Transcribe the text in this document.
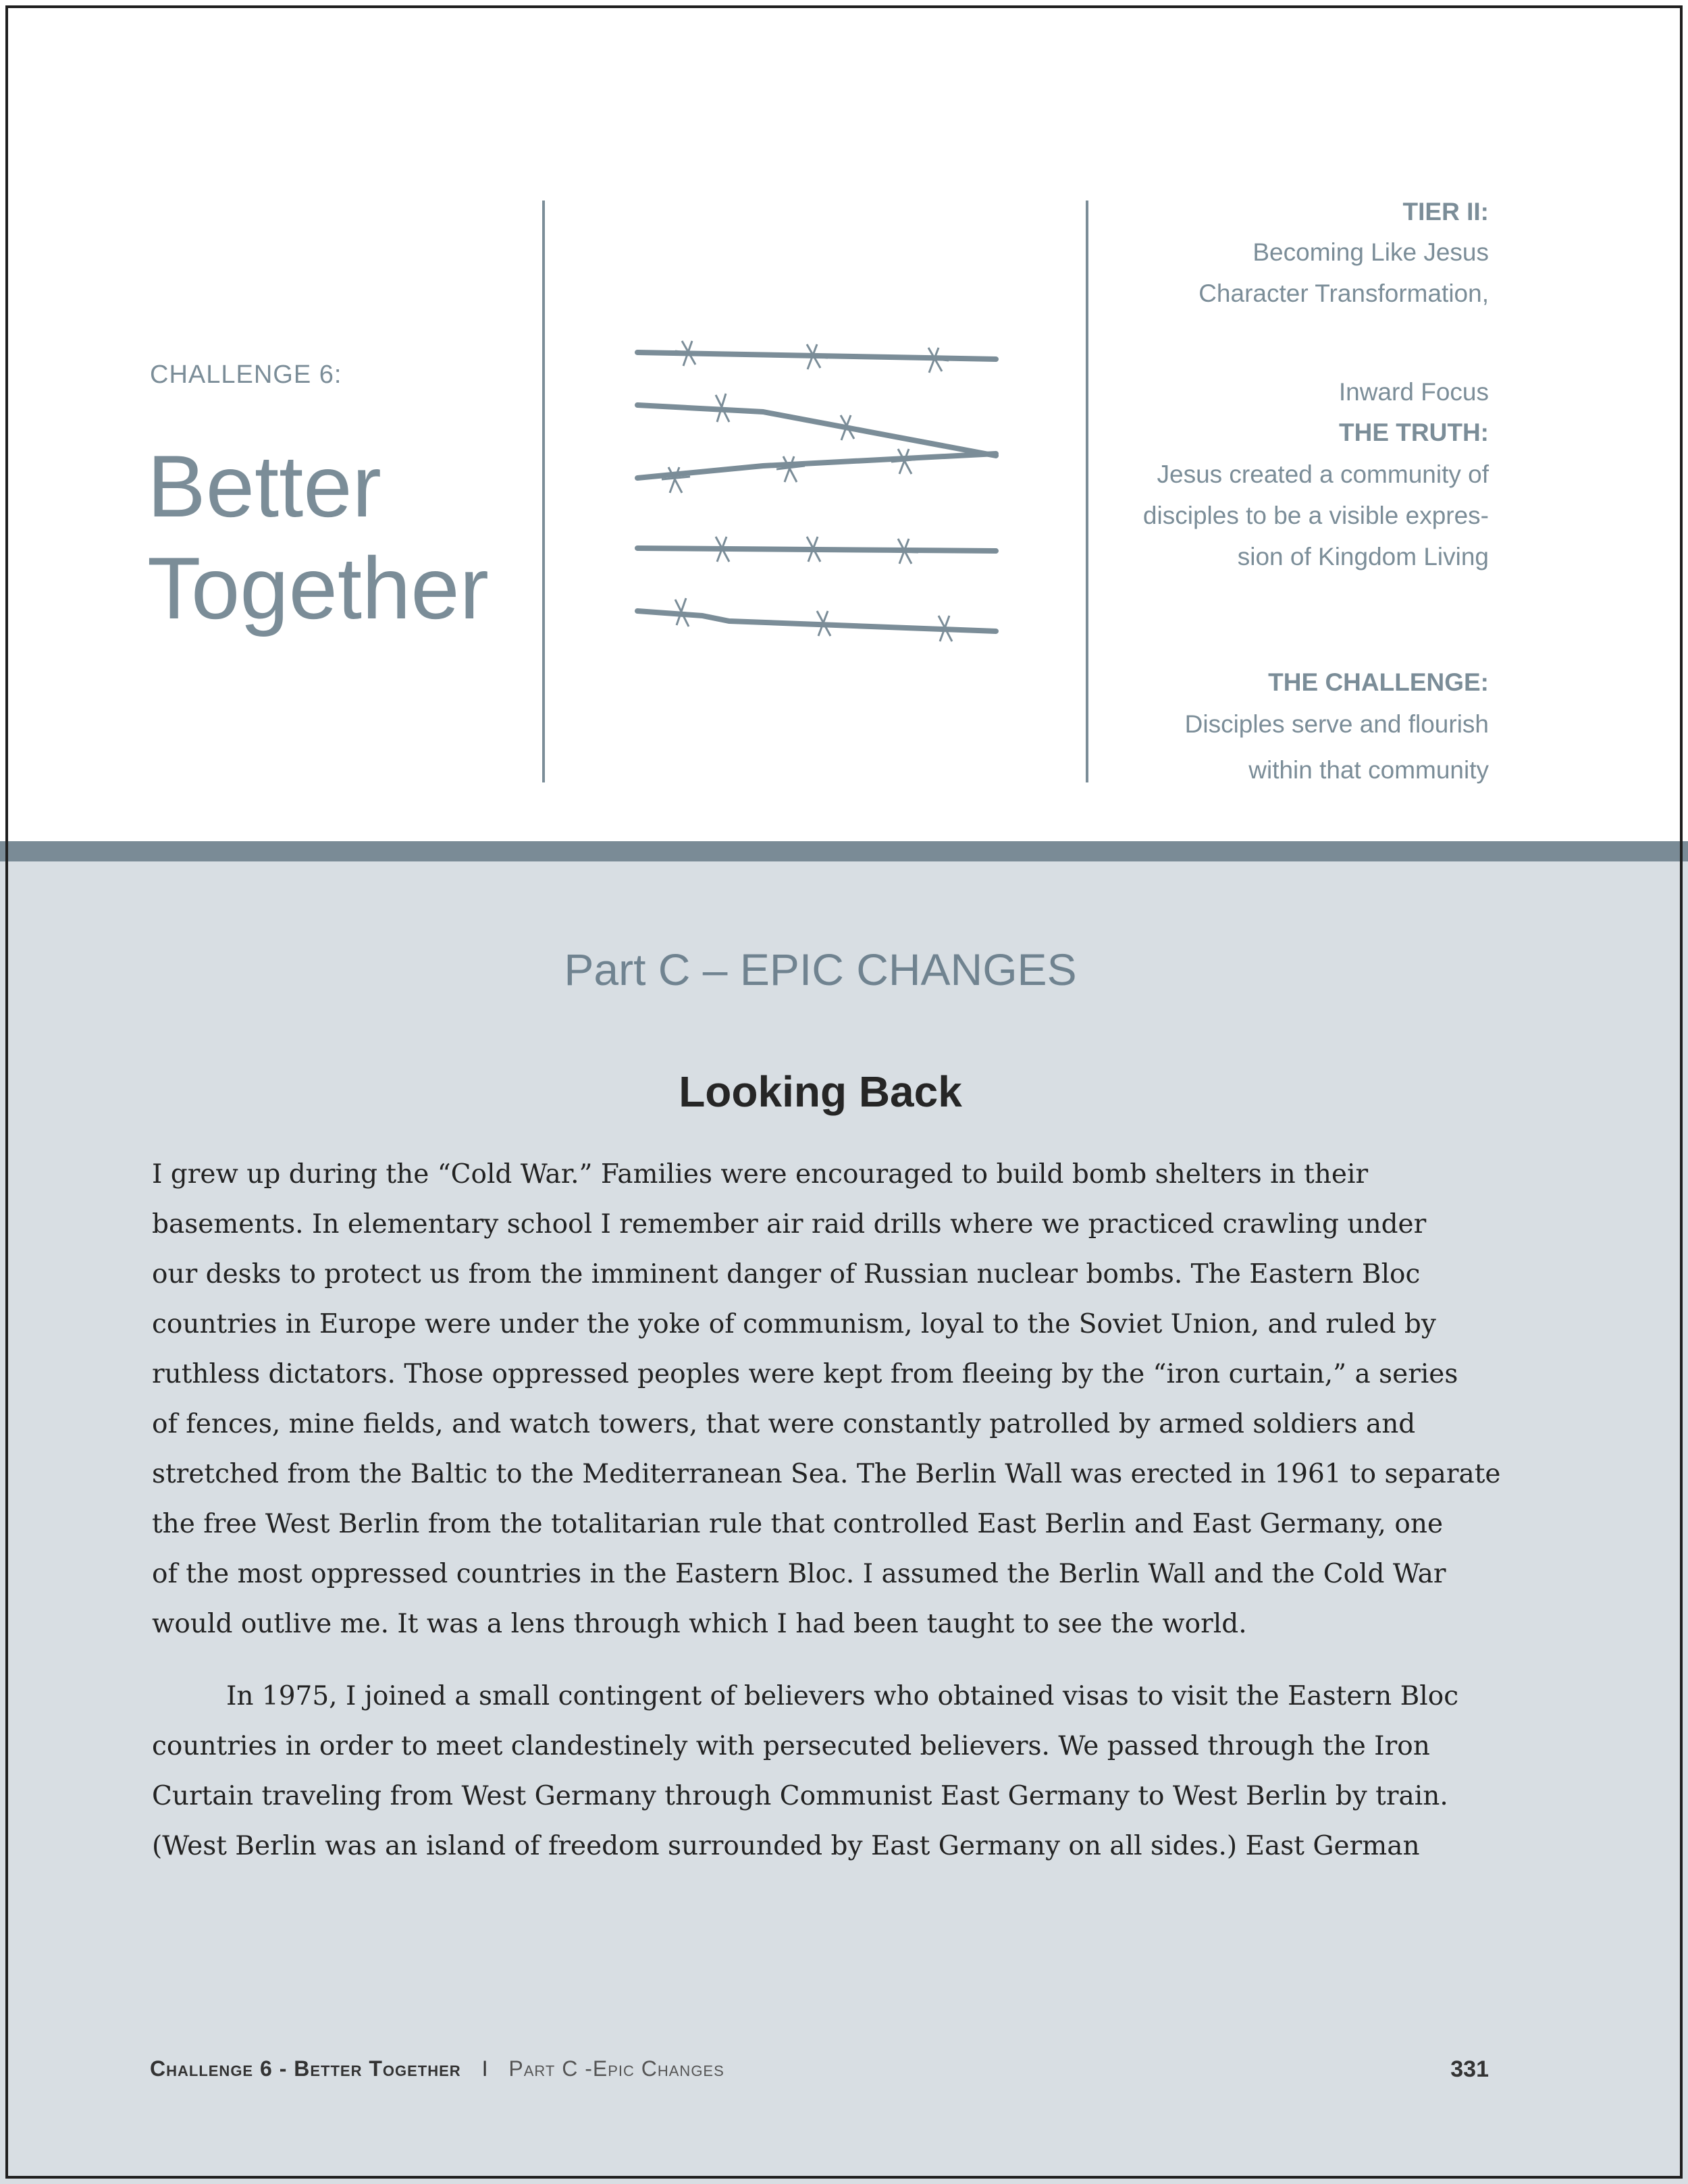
CHALLENGE 6:
Better
Together
TIER II:
Becoming Like Jesus
Character Transformation,
Inward Focus
THE TRUTH:
Jesus created a community of
disciples to be a visible expres-
sion of Kingdom Living
THE CHALLENGE:
Disciples serve and flourish
within that community
Part C – EPIC CHANGES
Looking Back
I grew up during the “Cold War.” Families were encouraged to build bomb shelters in their
basements. In elementary school I remember air raid drills where we practiced crawling under
our desks to protect us from the imminent danger of Russian nuclear bombs. The Eastern Bloc
countries in Europe were under the yoke of communism, loyal to the Soviet Union, and ruled by
ruthless dictators. Those oppressed peoples were kept from fleeing by the “iron curtain,” a series
of fences, mine fields, and watch towers, that were constantly patrolled by armed soldiers and
stretched from the Baltic to the Mediterranean Sea. The Berlin Wall was erected in 1961 to separate
the free West Berlin from the totalitarian rule that controlled East Berlin and East Germany, one
of the most oppressed countries in the Eastern Bloc. I assumed the Berlin Wall and the Cold War
would outlive me. It was a lens through which I had been taught to see the world.
In 1975, I joined a small contingent of believers who obtained visas to visit the Eastern Bloc
countries in order to meet clandestinely with persecuted believers. We passed through the Iron
Curtain traveling from West Germany through Communist East Germany to West Berlin by train.
(West Berlin was an island of freedom surrounded by East Germany on all sides.) East German
Challenge 6 - Better Together I Part C -Epic Changes	331
